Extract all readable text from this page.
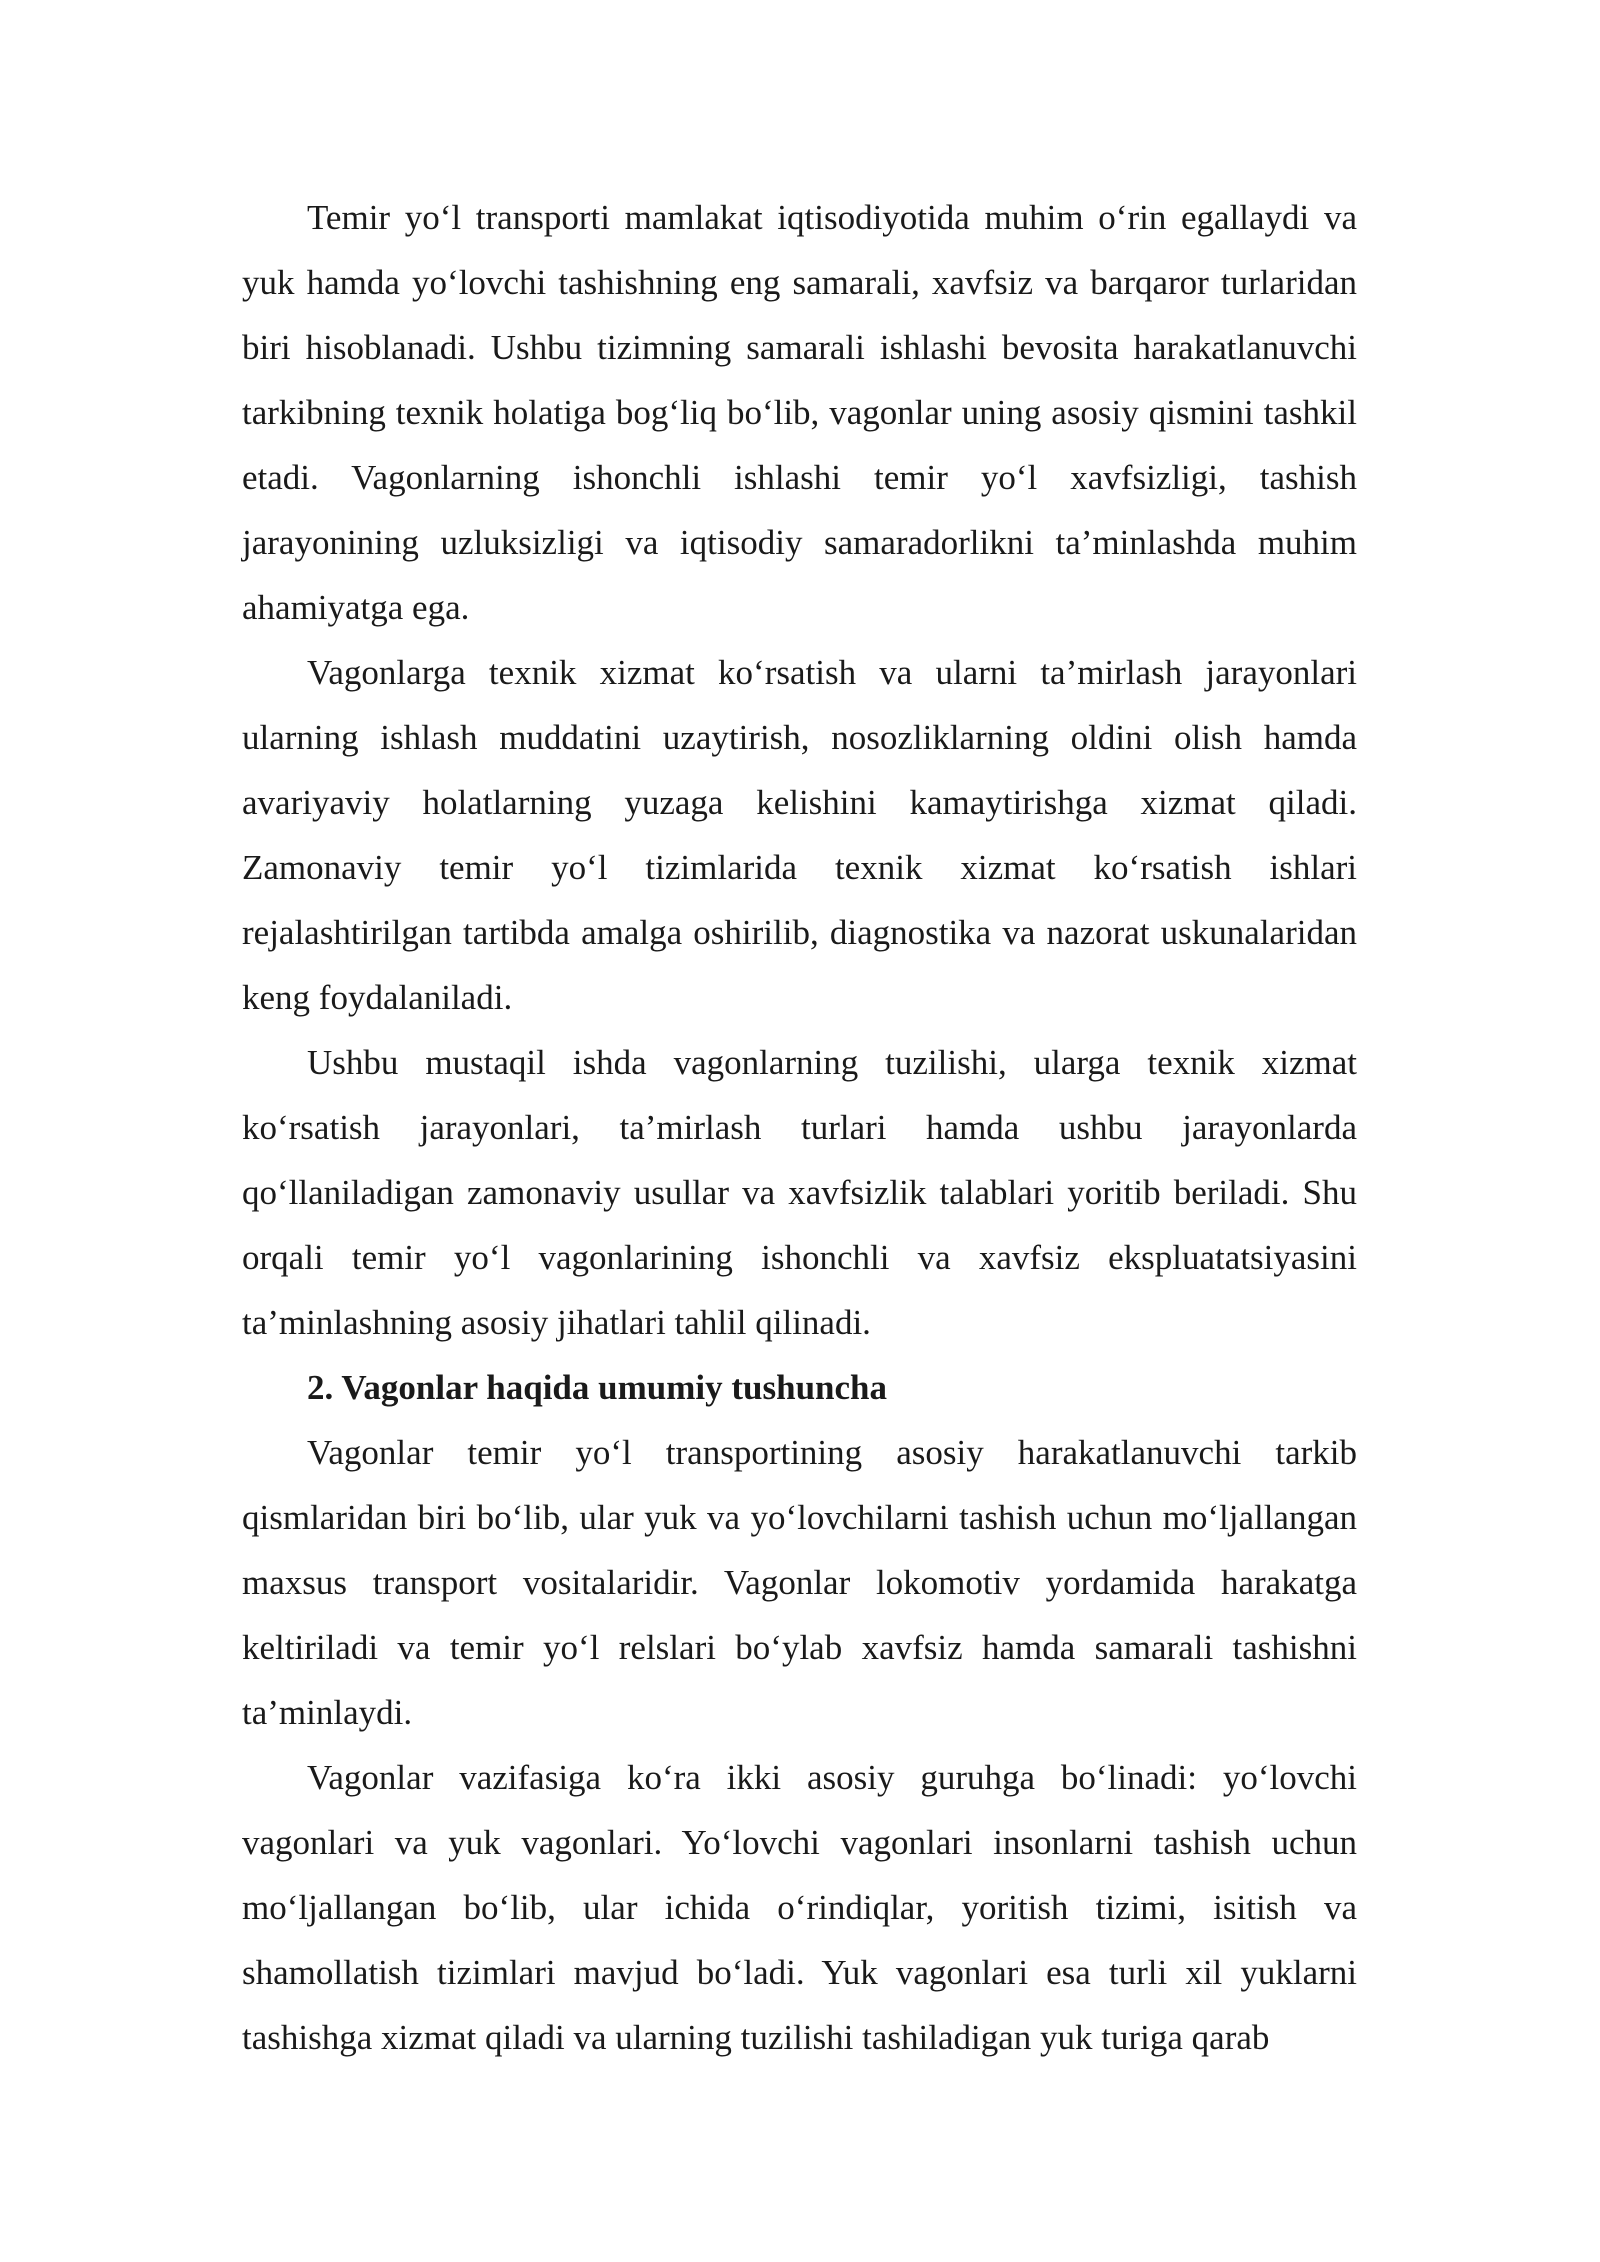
Temir yo‘l transporti mamlakat iqtisodiyotida muhim o‘rin egallaydi va yuk hamda yo‘lovchi tashishning eng samarali, xavfsiz va barqaror turlaridan biri hisoblanadi. Ushbu tizimning samarali ishlashi bevosita harakatlanuvchi tarkibning texnik holatiga bog‘liq bo‘lib, vagonlar uning asosiy qismini tashkil etadi. Vagonlarning ishonchli ishlashi temir yo‘l xavfsizligi, tashish jarayonining uzluksizligi va iqtisodiy samaradorlikni ta’minlashda muhim ahamiyatga ega.

Vagonlarga texnik xizmat ko‘rsatish va ularni ta’mirlash jarayonlari ularning ishlash muddatini uzaytirish, nosozliklarning oldini olish hamda avariyaviy holatlarning yuzaga kelishini kamaytirishga xizmat qiladi. Zamonaviy temir yo‘l tizimlarida texnik xizmat ko‘rsatish ishlari rejalashtirilgan tartibda amalga oshirilib, diagnostika va nazorat uskunalaridan keng foydalaniladi.

Ushbu mustaqil ishda vagonlarning tuzilishi, ularga texnik xizmat ko‘rsatish jarayonlari, ta’mirlash turlari hamda ushbu jarayonlarda qo‘llaniladigan zamonaviy usullar va xavfsizlik talablari yoritib beriladi. Shu orqali temir yo‘l vagonlarining ishonchli va xavfsiz ekspluatatsiyasini ta’minlashning asosiy jihatlari tahlil qilinadi.

2. Vagonlar haqida umumiy tushuncha

Vagonlar temir yo‘l transportining asosiy harakatlanuvchi tarkib qismlaridan biri bo‘lib, ular yuk va yo‘lovchilarni tashish uchun mo‘ljallangan maxsus transport vositalaridir. Vagonlar lokomotiv yordamida harakatga keltiriladi va temir yo‘l relslari bo‘ylab xavfsiz hamda samarali tashishni ta’minlaydi.

Vagonlar vazifasiga ko‘ra ikki asosiy guruhga bo‘linadi: yo‘lovchi vagonlari va yuk vagonlari. Yo‘lovchi vagonlari insonlarni tashish uchun mo‘ljallangan bo‘lib, ular ichida o‘rindiqlar, yoritish tizimi, isitish va shamollatish tizimlari mavjud bo‘ladi. Yuk vagonlari esa turli xil yuklarni tashishga xizmat qiladi va ularning tuzilishi tashiladigan yuk turiga qarab
